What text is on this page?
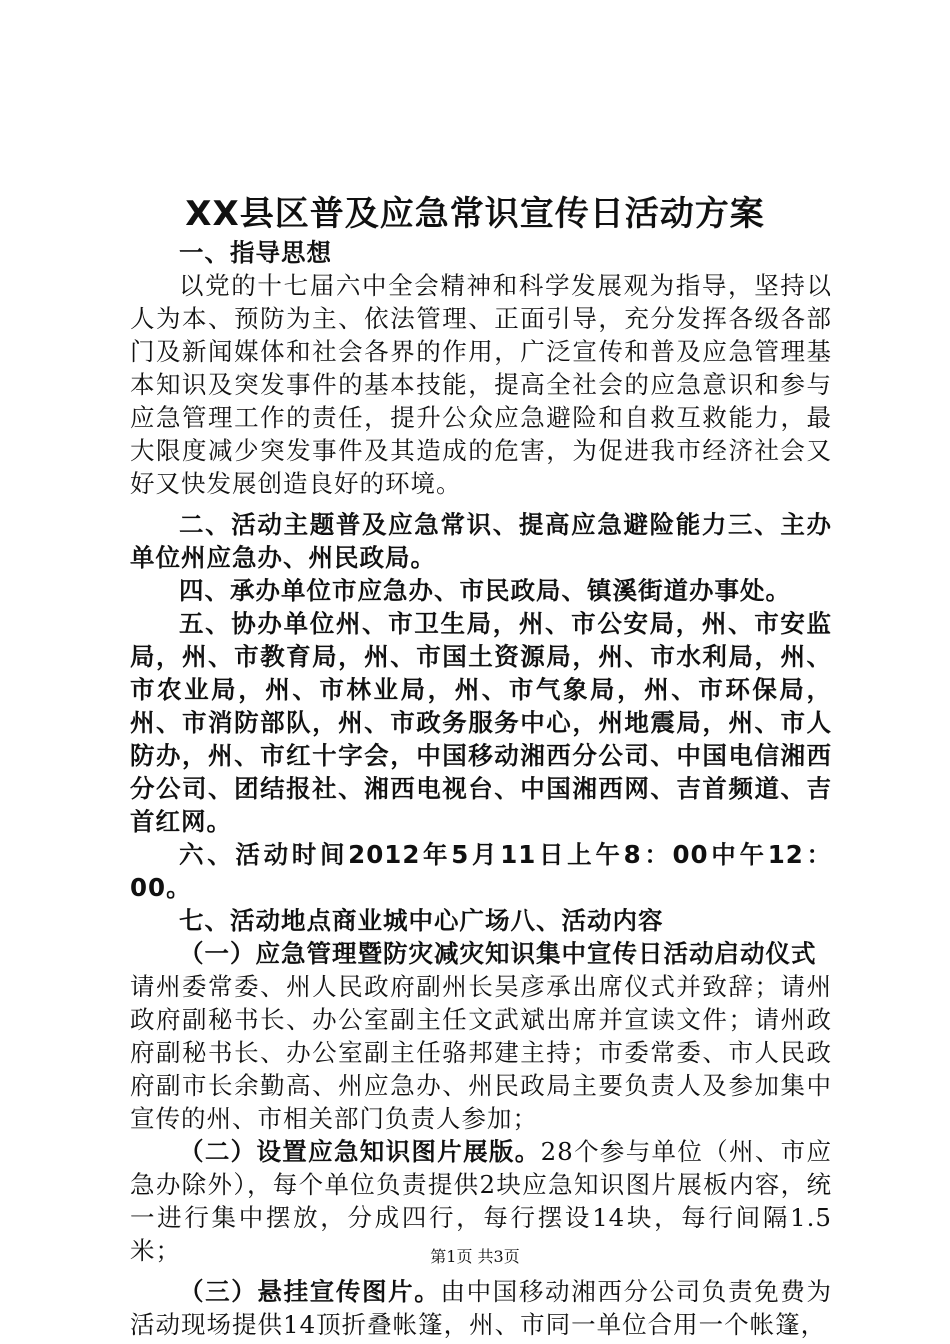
XX县区普及应急常识宣传日活动方案

一、指导思想

以党的十七届六中全会精神和科学发展观为指导，坚持以人为本、预防为主、依法管理、正面引导，充分发挥各级各部门及新闻媒体和社会各界的作用，广泛宣传和普及应急管理基本知识及突发事件的基本技能，提高全社会的应急意识和参与应急管理工作的责任，提升公众应急避险和自救互救能力，最大限度减少突发事件及其造成的危害，为促进我市经济社会又好又快发展创造良好的环境。

二、活动主题普及应急常识、提高应急避险能力三、主办单位州应急办、州民政局。

四、承办单位市应急办、市民政局、镇溪街道办事处。

五、协办单位州、市卫生局，州、市公安局，州、市安监局，州、市教育局，州、市国土资源局，州、市水利局，州、市农业局，州、市林业局，州、市气象局，州、市环保局，州、市消防部队，州、市政务服务中心，州地震局，州、市人防办，州、市红十字会，中国移动湘西分公司、中国电信湘西分公司、团结报社、湘西电视台、中国湘西网、吉首频道、吉首红网。

六、活动时间2012年5月11日上午8：00中午12：00。

七、活动地点商业城中心广场八、活动内容

（一）应急管理暨防灾减灾知识集中宣传日活动启动仪式

请州委常委、州人民政府副州长吴彦承出席仪式并致辞；请州政府副秘书长、办公室副主任文武斌出席并宣读文件；请州政府副秘书长、办公室副主任骆邦建主持；市委常委、市人民政府副市长余勤高、州应急办、州民政局主要负责人及参加集中宣传的州、市相关部门负责人参加；

（二）设置应急知识图片展版。28个参与单位（州、市应急办除外），每个单位负责提供2块应急知识图片展板内容，统一进行集中摆放，分成四行，每行摆设14块，每行间隔1.5米；

（三）悬挂宣传图片。由中国移动湘西分公司负责免费为活动现场提供14顶折叠帐篷，州、市同一单位合用一个帐篷，

第1页 共3页
